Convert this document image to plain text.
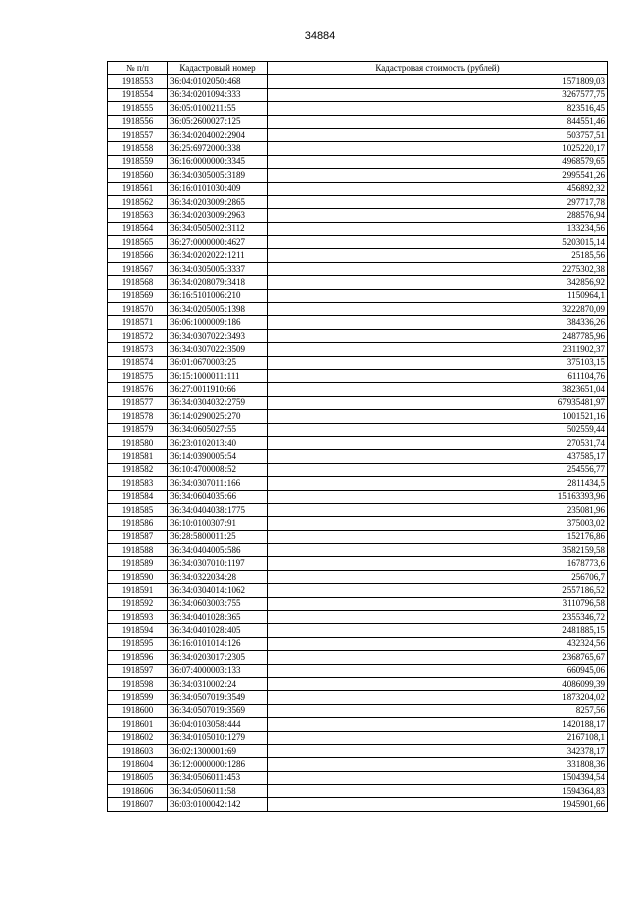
34884
№ п/п	Кадастровый номер	Кадастровая стоимость (рублей)
1918553	36:04:0102050:468	1571809,03
1918554	36:34:0201094:333	3267577,75
1918555	36:05:0100211:55	823516,45
1918556	36:05:2600027:125	844551,46
1918557	36:34:0204002:2904	503757,51
1918558	36:25:6972000:338	1025220,17
1918559	36:16:0000000:3345	4968579,65
1918560	36:34:0305005:3189	2995541,26
1918561	36:16:0101030:409	456892,32
1918562	36:34:0203009:2865	297717,78
1918563	36:34:0203009:2963	288576,94
1918564	36:34:0505002:3112	133234,56
1918565	36:27:0000000:4627	5203015,14
1918566	36:34:0202022:1211	25185,56
1918567	36:34:0305005:3337	2275302,38
1918568	36:34:0208079:3418	342856,92
1918569	36:16:5101006:210	1150964,1
1918570	36:34:0205005:1398	3222870,09
1918571	36:06:1000009:186	384336,26
1918572	36:34:0307022:3493	2487785,96
1918573	36:34:0307022:3509	2311902,37
1918574	36:01:0670003:25	375103,15
1918575	36:15:1000011:111	611104,76
1918576	36:27:0011910:66	3823651,04
1918577	36:34:0304032:2759	67935481,97
1918578	36:14:0290025:270	1001521,16
1918579	36:34:0605027:55	502559,44
1918580	36:23:0102013:40	270531,74
1918581	36:14:0390005:54	437585,17
1918582	36:10:4700008:52	254556,77
1918583	36:34:0307011:166	2811434,5
1918584	36:34:0604035:66	15163393,96
1918585	36:34:0404038:1775	235081,96
1918586	36:10:0100307:91	375003,02
1918587	36:28:5800011:25	152176,86
1918588	36:34:0404005:586	3582159,58
1918589	36:34:0307010:1197	1678773,6
1918590	36:34:0322034:28	256706,7
1918591	36:34:0304014:1062	2557186,52
1918592	36:34:0603003:755	3110796,58
1918593	36:34:0401028:365	2355346,72
1918594	36:34:0401028:405	2481885,15
1918595	36:16:0101014:126	432324,56
1918596	36:34:0203017:2305	2368765,67
1918597	36:07:4000003:133	660945,06
1918598	36:34:0310002:24	4086099,39
1918599	36:34:0507019:3549	1873204,02
1918600	36:34:0507019:3569	8257,56
1918601	36:04:0103058:444	1420188,17
1918602	36:34:0105010:1279	2167108,1
1918603	36:02:1300001:69	342378,17
1918604	36:12:0000000:1286	331808,36
1918605	36:34:0506011:453	1504394,54
1918606	36:34:0506011:58	1594364,83
1918607	36:03:0100042:142	1945901,66
